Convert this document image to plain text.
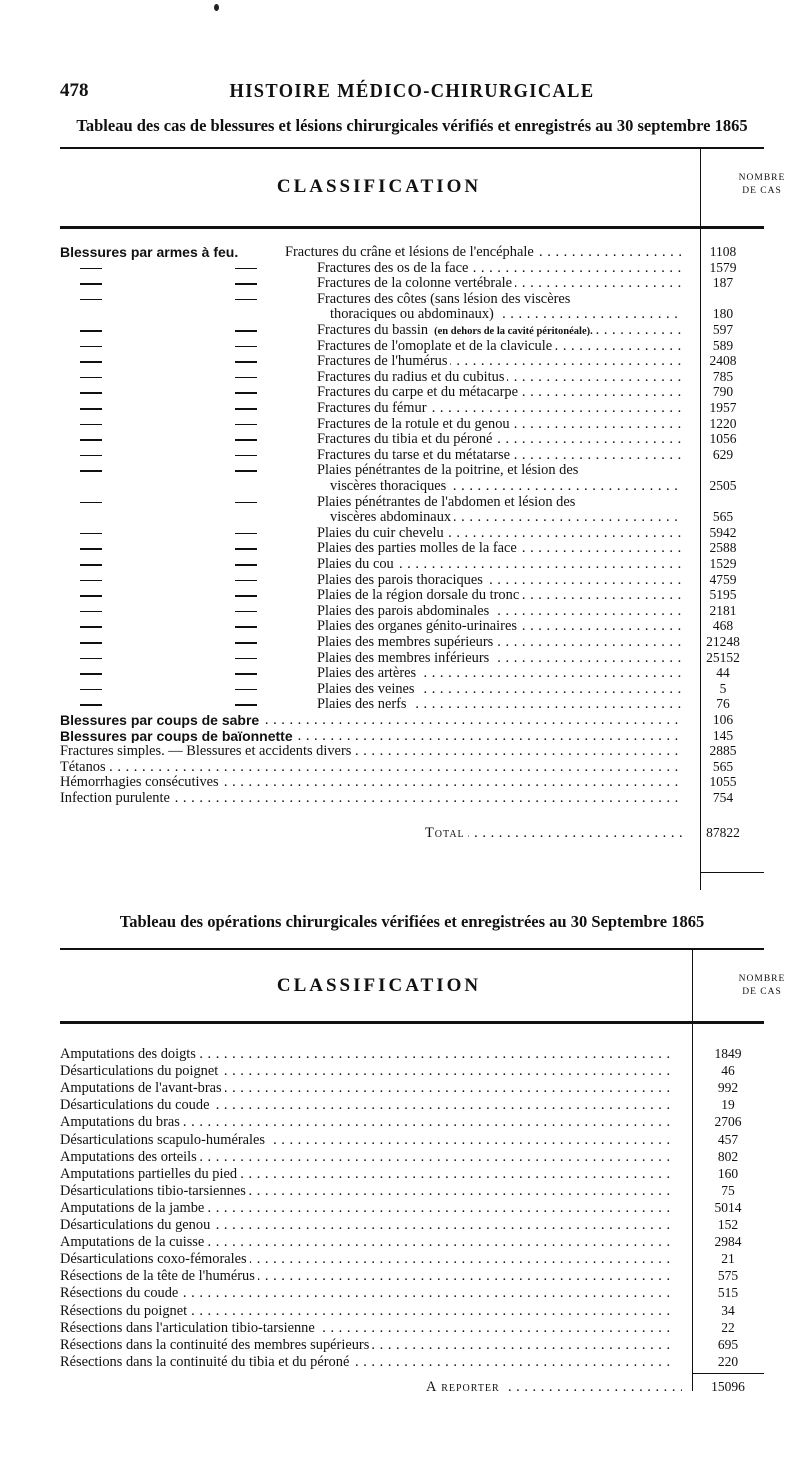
478	HISTOIRE MÉDICO-CHIRURGICALE
Tableau des cas de blessures et lésions chirurgicales vérifiés et enregistrés au 30 septembre 1865
CLASSIFICATION	NOMBRE
DE CAS
Blessures par armes à feu.	Fractures du crâne et lésions de l'encéphale . . .	1108
Fractures des os de la face . . .	1579
Fractures de la colonne vertébrale . . .	187
Fractures des côtes (sans lésion des viscères
thoraciques ou abdominaux) . . .	180
Fractures du bassin (en dehors de la cavité péritonéale). . . .	597
Fractures de l'omoplate et de la clavicule . . .	589
Fractures de l'humérus . . .	2408
Fractures du radius et du cubitus . . .	785
Fractures du carpe et du métacarpe . . .	790
Fractures du fémur . . .	1957
Fractures de la rotule et du genou . . .	1220
Fractures du tibia et du péroné . . .	1056
Fractures du tarse et du métatarse . . .	629
Plaies pénétrantes de la poitrine, et lésion des
viscères thoraciques . . .	2505
Plaies pénétrantes de l'abdomen et lésion des
viscères abdominaux . . .	565
Plaies du cuir chevelu . . .	5942
Plaies des parties molles de la face . . .	2588
Plaies du cou . . .	1529
Plaies des parois thoraciques . . .	4759
Plaies de la région dorsale du tronc . . .	5195
Plaies des parois abdominales . . .	2181
Plaies des organes génito-urinaires . . .	468
Plaies des membres supérieurs . . .	21248
Plaies des membres inférieurs . . .	25152
Plaies des artères . . .	44
Plaies des veines . . .	5
Plaies des nerfs . . .	76
Blessures par coups de sabre . . .	106
Blessures par coups de baïonnette . . .	145
Fractures simples. — Blessures et accidents divers . . .	2885
Tétanos . . .	565
Hémorrhagies consécutives . . .	1055
Infection purulente . . .	754
Total . . .	87822
Tableau des opérations chirurgicales vérifiées et enregistrées au 30 Septembre 1865
CLASSIFICATION	NOMBRE
DE CAS
Amputations des doigts . . .	1849
Désarticulations du poignet . . .	46
Amputations de l'avant-bras . . .	992
Désarticulations du coude . . .	19
Amputations du bras . . .	2706
Désarticulations scapulo-humérales . . .	457
Amputations des orteils . . .	802
Amputations partielles du pied . . .	160
Désarticulations tibio-tarsiennes . . .	75
Amputations de la jambe . . .	5014
Désarticulations du genou . . .	152
Amputations de la cuisse . . .	2984
Désarticulations coxo-fémorales . . .	21
Résections de la tête de l'humérus . . .	575
Résections du coude . . .	515
Résections du poignet . . .	34
Résections dans l'articulation tibio-tarsienne . . .	22
Résections dans la continuité des membres supérieurs . . .	695
Résections dans la continuité du tibia et du péroné . . .	220
A reporter . . .	15096
